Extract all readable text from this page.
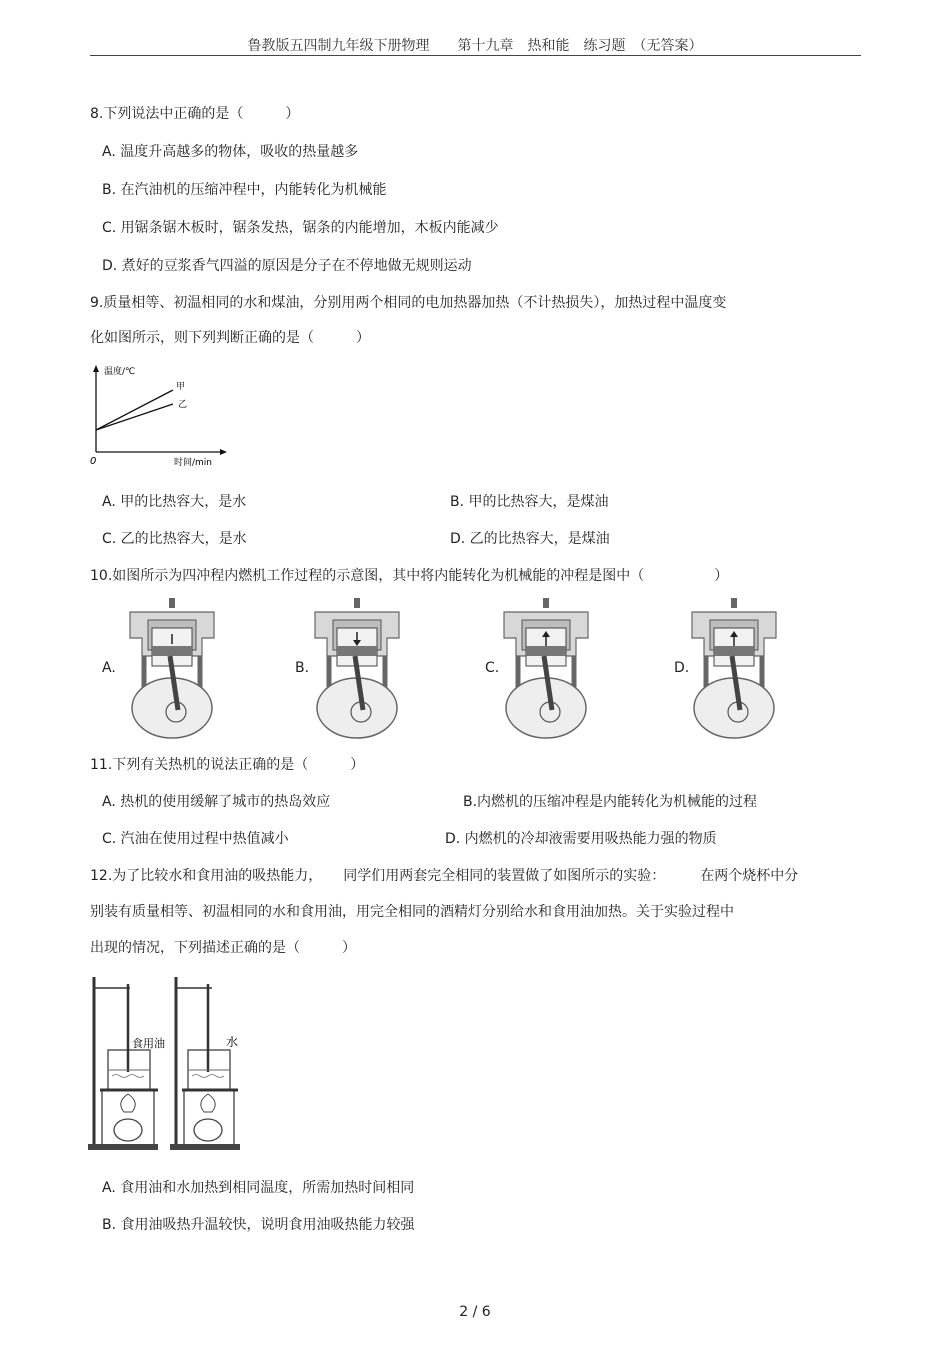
鲁教版五四制九年级下册物理　　第十九章　热和能　练习题　（无答案）
8.下列说法中正确的是（　　　）
A. 温度升高越多的物体，吸收的热量越多
B. 在汽油机的压缩冲程中，内能转化为机械能
C. 用锯条锯木板时，锯条发热，锯条的内能增加，木板内能减少
D. 煮好的豆浆香气四溢的原因是分子在不停地做无规则运动
9.质量相等、初温相同的水和煤油，分别用两个相同的电加热器加热（不计热损失），加热过程中温度变
化如图所示，则下列判断正确的是（　　　）
温度/℃
甲
乙
0	时间/min
A. 甲的比热容大，是水	B. 甲的比热容大，是煤油
C. 乙的比热容大，是水	D. 乙的比热容大，是煤油
10.如图所示为四冲程内燃机工作过程的示意图，其中将内能转化为机械能的冲程是图中（　　　　　）
A.	B.	C.	D.
11.下列有关热机的说法正确的是（　　　）
A. 热机的使用缓解了城市的热岛效应	B.内燃机的压缩冲程是内能转化为机械能的过程
C. 汽油在使用过程中热值减小	D. 内燃机的冷却液需要用吸热能力强的物质
12.为了比较水和食用油的吸热能力，　　同学们用两套完全相同的装置做了如图所示的实验：　　　在两个烧杯中分
别装有质量相等、初温相同的水和食用油，用完全相同的酒精灯分别给水和食用油加热。关于实验过程中
出现的情况，下列描述正确的是（　　　）
食用油	水
A. 食用油和水加热到相同温度，所需加热时间相同
B. 食用油吸热升温较快，说明食用油吸热能力较强
2 / 6
